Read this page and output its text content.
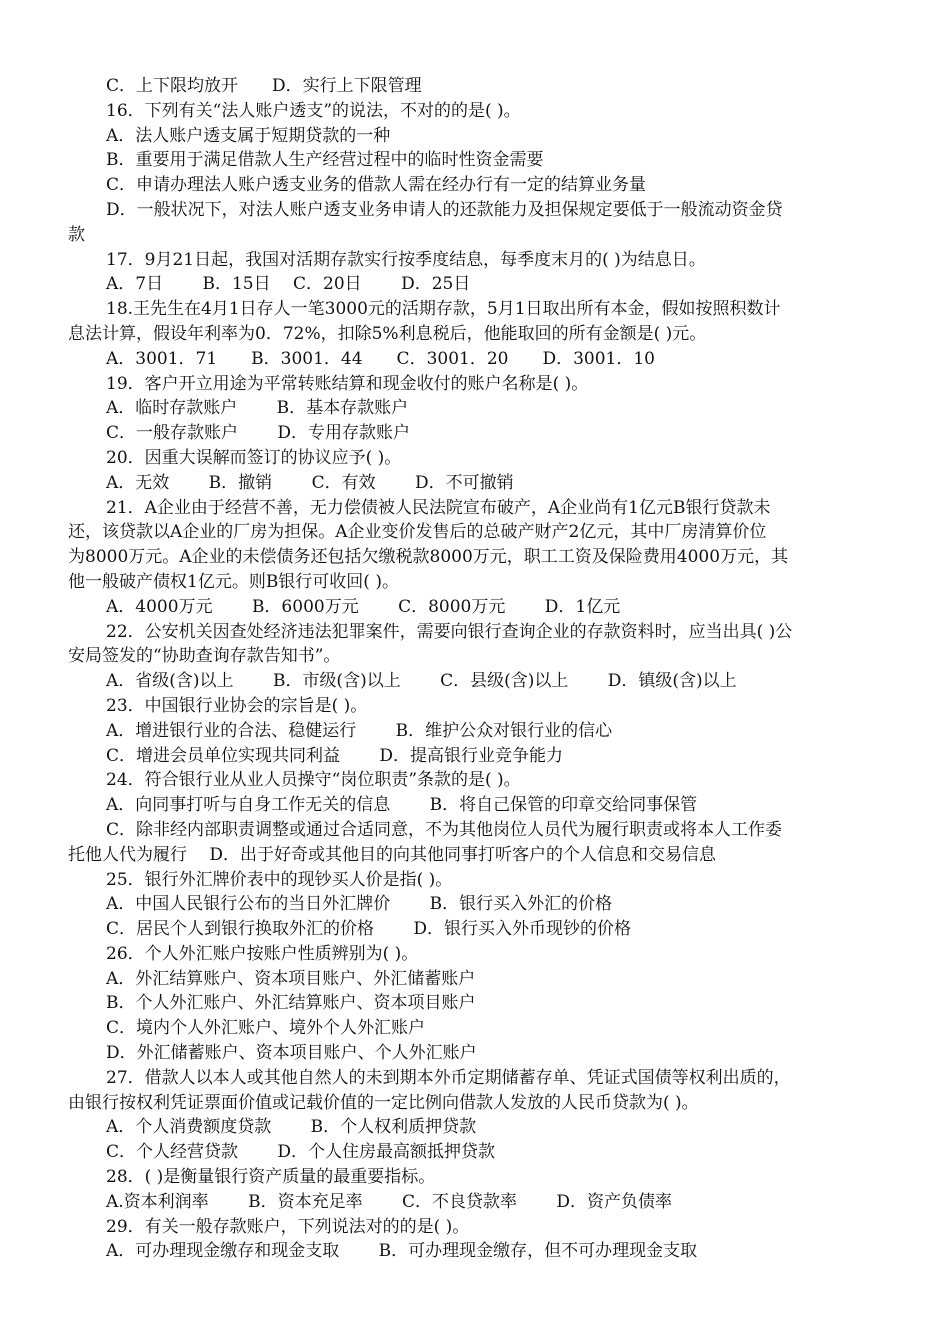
C．上下限均放开　　D．实行上下限管理
16．下列有关“法人账户透支”的说法，不对的的是( )。
A．法人账户透支属于短期贷款的一种
B．重要用于满足借款人生产经营过程中的临时性资金需要
C．申请办理法人账户透支业务的借款人需在经办行有一定的结算业务量
D．一般状况下，对法人账户透支业务申请人的还款能力及担保规定要低于一般流动资金贷
款
17．9月21日起，我国对活期存款实行按季度结息，每季度末月的( )为结息日。
A．7日　　 B．15日　 C．20日　　 D．25日
18.王先生在4月1日存人一笔3000元的活期存款，5月1日取出所有本金，假如按照积数计
息法计算，假设年利率为0．72%，扣除5%利息税后，他能取回的所有金额是( )元。
A．3001．71　　B．3001．44　　C．3001．20　　D．3001．10
19．客户开立用途为平常转账结算和现金收付的账户名称是( )。
A．临时存款账户　　 B．基本存款账户
C．一般存款账户　　 D．专用存款账户
20．因重大误解而签订的协议应予( )。
A．无效　　 B．撤销　　 C．有效　　 D．不可撤销
21．A企业由于经营不善，无力偿债被人民法院宣布破产，A企业尚有1亿元B银行贷款未
还，该贷款以A企业的厂房为担保。A企业变价发售后的总破产财产2亿元，其中厂房清算价位
为8000万元。A企业的未偿债务还包括欠缴税款8000万元，职工工资及保险费用4000万元，其
他一般破产债权1亿元。则B银行可收回( )。
A．4000万元　　 B．6000万元　　 C．8000万元　　 D．1亿元
22．公安机关因查处经济违法犯罪案件，需要向银行查询企业的存款资料时，应当出具( )公
安局签发的“协助查询存款告知书”。
A．省级(含)以上　　 B．市级(含)以上　　 C．县级(含)以上　　 D．镇级(含)以上
23．中国银行业协会的宗旨是( )。
A．增进银行业的合法、稳健运行　　 B．维护公众对银行业的信心
C．增进会员单位实现共同利益　　 D．提高银行业竞争能力
24．符合银行业从业人员操守“岗位职责”条款的是( )。
A．向同事打听与自身工作无关的信息　　 B．将自己保管的印章交给同事保管
C．除非经内部职责调整或通过合适同意，不为其他岗位人员代为履行职责或将本人工作委
托他人代为履行　 D．出于好奇或其他目的向其他同事打听客户的个人信息和交易信息
25．银行外汇牌价表中的现钞买人价是指( )。
A．中国人民银行公布的当日外汇牌价　　 B．银行买入外汇的价格
C．居民个人到银行换取外汇的价格　　 D．银行买入外币现钞的价格
26．个人外汇账户按账户性质辨别为( )。
A．外汇结算账户、资本项目账户、外汇储蓄账户
B．个人外汇账户、外汇结算账户、资本项目账户
C．境内个人外汇账户、境外个人外汇账户
D．外汇储蓄账户、资本项目账户、个人外汇账户
27．借款人以本人或其他自然人的未到期本外币定期储蓄存单、凭证式国债等权利出质的，
由银行按权利凭证票面价值或记载价值的一定比例向借款人发放的人民币贷款为( )。
A．个人消费额度贷款　　 B．个人权利质押贷款
C．个人经营贷款　　 D．个人住房最高额抵押贷款
28．( )是衡量银行资产质量的最重要指标。
A.资本利润率　　 B．资本充足率　　 C．不良贷款率　　 D．资产负债率
29．有关一般存款账户，下列说法对的的是( )。
A．可办理现金缴存和现金支取　　 B．可办理现金缴存，但不可办理现金支取
